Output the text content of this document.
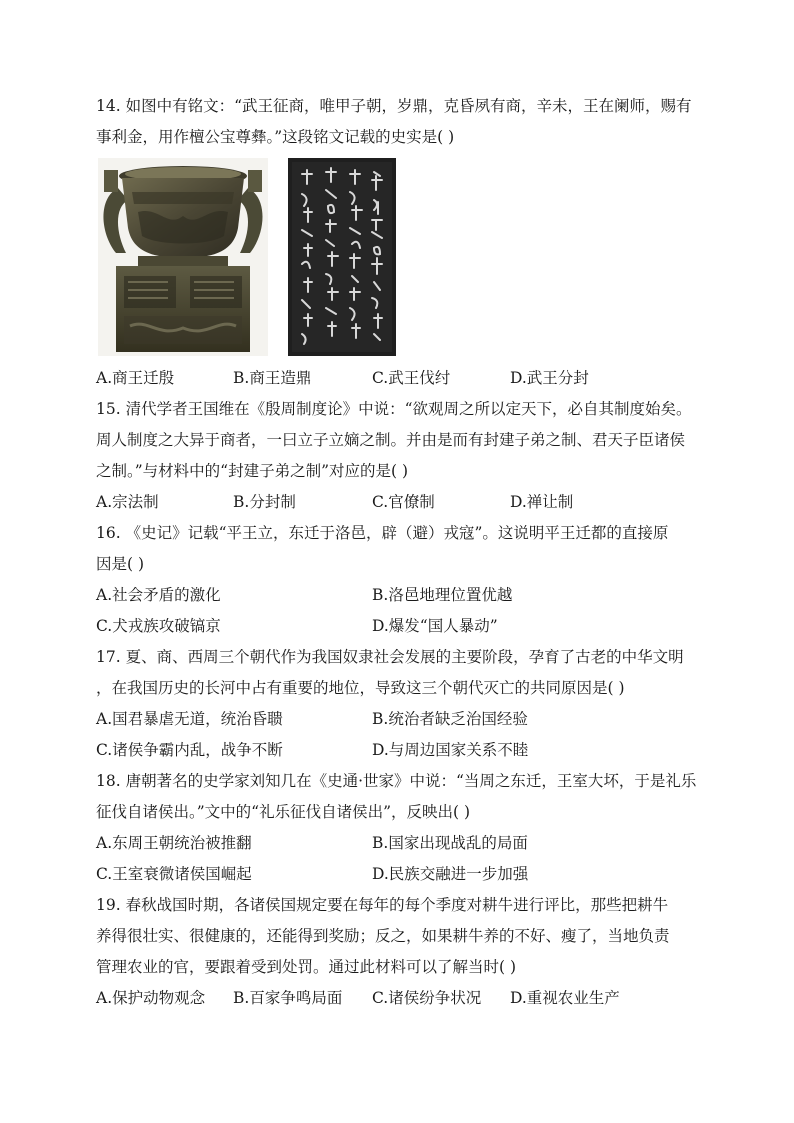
14. 如图中有铭文：“武王征商，唯甲子朝，岁鼎，克昏夙有商，辛未，王在阑师，赐有
事利金，用作檀公宝尊彝。”这段铭文记载的史实是( )
A.商王迁殷	B.商王造鼎	C.武王伐纣	D.武王分封
15. 清代学者王国维在《殷周制度论》中说：“欲观周之所以定天下，必自其制度始矣。
周人制度之大异于商者，一曰立子立嫡之制。并由是而有封建子弟之制、君天子臣诸侯
之制。”与材料中的“封建子弟之制”对应的是( )
A.宗法制	B.分封制	C.官僚制	D.禅让制
16. 《史记》记载“平王立，东迁于洛邑，辟（避）戎寇”。这说明平王迁都的直接原
因是( )
A.社会矛盾的激化	B.洛邑地理位置优越
C.犬戎族攻破镐京	D.爆发“国人暴动”
17. 夏、商、西周三个朝代作为我国奴隶社会发展的主要阶段，孕育了古老的中华文明
，在我国历史的长河中占有重要的地位，导致这三个朝代灭亡的共同原因是( )
A.国君暴虐无道，统治昏聩	B.统治者缺乏治国经验
C.诸侯争霸内乱，战争不断	D.与周边国家关系不睦
18. 唐朝著名的史学家刘知几在《史通·世家》中说：“当周之东迁，王室大坏，于是礼乐
征伐自诸侯出。”文中的“礼乐征伐自诸侯出”，反映出( )
A.东周王朝统治被推翻	B.国家出现战乱的局面
C.王室衰微诸侯国崛起	D.民族交融进一步加强
19. 春秋战国时期，各诸侯国规定要在每年的每个季度对耕牛进行评比，那些把耕牛
养得很壮实、很健康的，还能得到奖励；反之，如果耕牛养的不好、瘦了，当地负责
管理农业的官，要跟着受到处罚。通过此材料可以了解当时( )
A.保护动物观念 B.百家争鸣局面 C.诸侯纷争状况 D.重视农业生产
